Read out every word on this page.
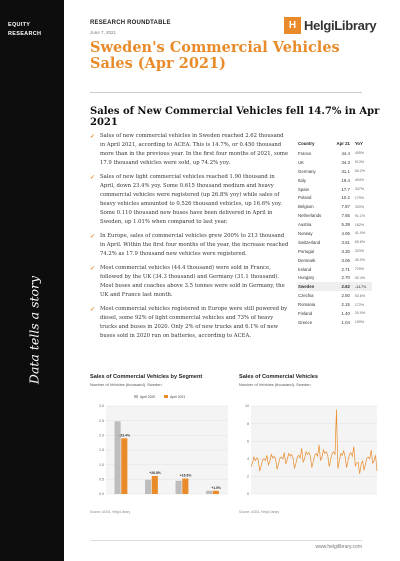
EQUITY
RESEARCH
Data tells a story
RESEARCH ROUNDTABLE
June 7, 2021
H HelgiLibrary
Sweden's Commercial Vehicles Sales (Apr 2021)
Sales of New Commercial Vehicles fell 14.7% in Apr 2021
✓ Sales of new commercial vehicles in Sweden reached 2.62 thousand in April 2021, according to ACEA. This is 14.7%, or 0.450 thousand more than in the previous year. In the first four months of 2021, some 17.9 thousand vehicles were sold, up 74.2% yoy.
✓ Sales of new light commercial vehicles reached 1.90 thousand in April, down 23.4% yoy. Some 0.615 thousand medium and heavy commercial vehicles were registered (up 26.8% yoy) while sales of heavy vehicles amounted to 0.526 thousand vehicles, up 16.6% yoy. Some 0.110 thousand new buses have been delivered in April in Sweden, up 1.01% when compared to last year.
✓ In Europe, sales of commercial vehicles grew 200% to 213 thousand in April. Within the first four months of the year, the increase reached 74.2% as 17.9 thousand new vehicles were registered.
✓ Most commercial vehicles (44.4 thousand) were sold in France, followed by the UK (34.3 thousand) and Germany (31.1 thousand). Most buses and coaches above 3.5 tonnes were sold in Germany, the UK and France last month.
✓ Most commercial vehicles registered in Europe were still powered by diesel, some 92% of light commercial vehicles and 73% of heavy trucks and buses in 2020. Only 2% of new trucks and 6.1% of new buses sold in 2020 run on batteries, according to ACEA.
Country	Apr 21	YoY
France	44.4	405%
UK	34.3	913%
Germany	31.1	60.2%
Italy	19.4	494%
Spain	17.7	347%
Poland	10.2	179%
Belgium	7.87	320%
Netherlands	7.65	91.1%
Austria	5.39	162%
Norway	4.06	41.0%
Switzerland	3.51	60.6%
Portugal	3.30	323%
Denmark	3.06	40.0%
Ireland	2.71	729%
Hungary	2.70	92.4%
Sweden	2.62	-14.7%
Czechia	2.50	53.6%
Romania	2.15	172%
Finland	1.40	20.0%
Greece	1.04	159%
Sales of Commercial Vehicles by Segment
Number of Vehicles (thousand), Sweden
3.0
2.5
2.0
1.5
1.0
0.5
0.0
April 2020	April 2021
-23.4%
+26.8%
+16.6%
+1.0%
Source: ACEA, Helgi Library
Sales of Commercial Vehicles
Number of Vehicles (thousand), Sweden
10
8
6
4
2
0
Source: ACEA, Helgi Library
www.helgilibrary.com
